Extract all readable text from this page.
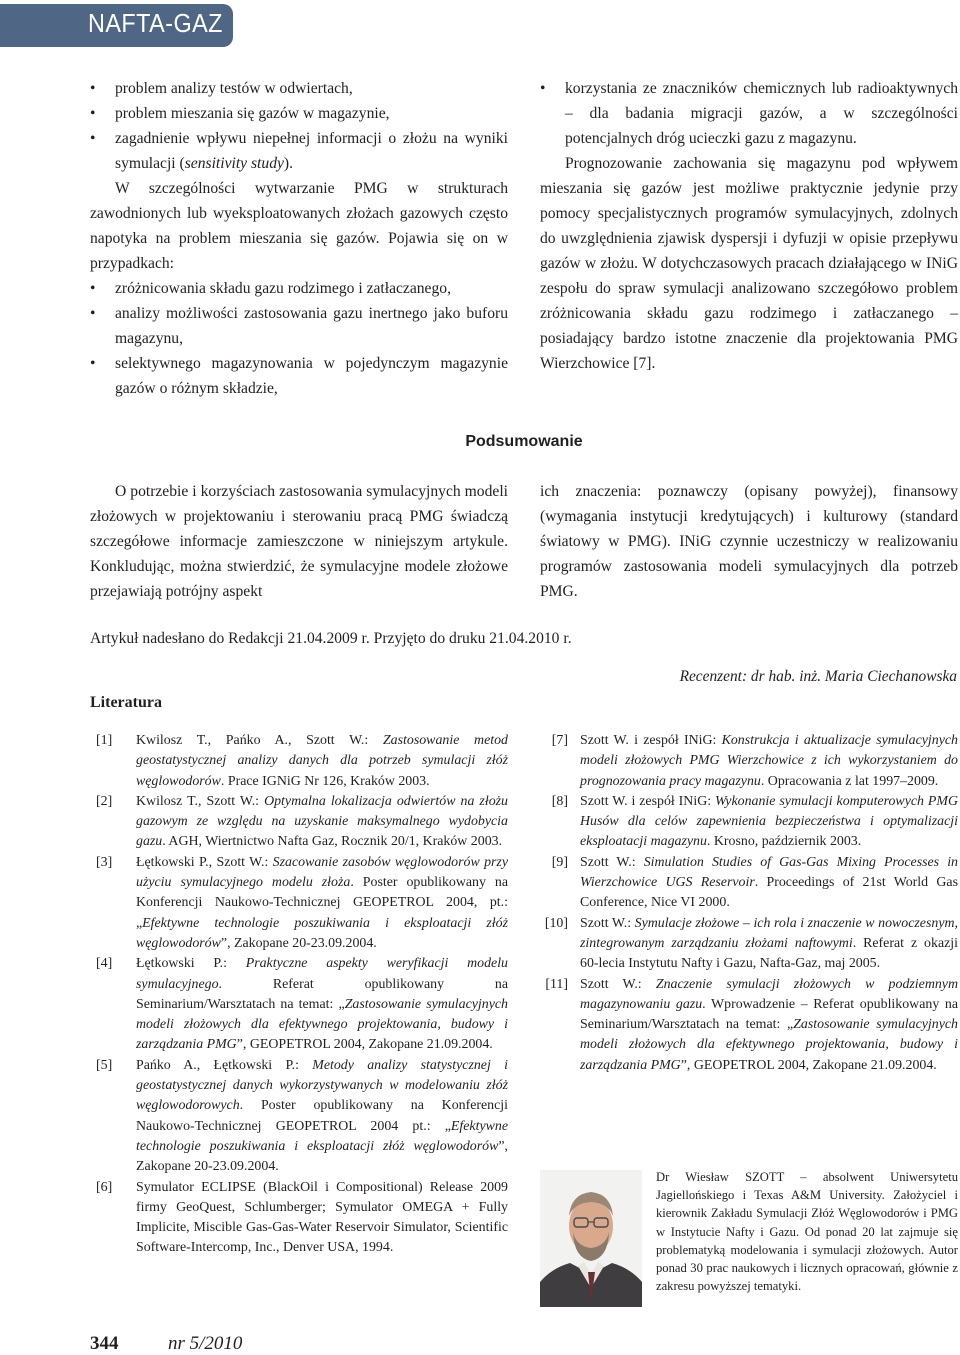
NAFTA-GAZ

• problem analizy testów w odwiertach,

• problem mieszania się gazów w magazynie,

• zagadnienie wpływu niepełnej informacji o złożu na wyniki symulacji (sensitivity study).

W szczególności wytwarzanie PMG w strukturach zawodnionych lub wyeksploatowanych złożach gazowych często napotyka na problem mieszania się gazów. Pojawia się on w przypadkach:

• zróżnicowania składu gazu rodzimego i zatłaczanego,

• analizy możliwości zastosowania gazu inertnego jako buforu magazynu,

• selektywnego magazynowania w pojedynczym magazynie gazów o różnym składzie,

• korzystania ze znaczników chemicznych lub radioaktywnych – dla badania migracji gazów, a w szczególności potencjalnych dróg ucieczki gazu z magazynu.

Prognozowanie zachowania się magazynu pod wpływem mieszania się gazów jest możliwe praktycznie jedynie przy pomocy specjalistycznych programów symulacyjnych, zdolnych do uwzględnienia zjawisk dyspersji i dyfuzji w opisie przepływu gazów w złożu. W dotychczasowych pracach działającego w INiG zespołu do spraw symulacji analizowano szczegółowo problem zróżnicowania składu gazu rodzimego i zatłaczanego – posiadający bardzo istotne znaczenie dla projektowania PMG Wierzchowice [7].

Podsumowanie

O potrzebie i korzyściach zastosowania symulacyjnych modeli złożowych w projektowaniu i sterowaniu pracą PMG świadczą szczegółowe informacje zamieszczone w niniejszym artykule. Konkludując, można stwierdzić, że symulacyjne modele złożowe przejawiają potrójny aspekt

ich znaczenia: poznawczy (opisany powyżej), finansowy (wymagania instytucji kredytujących) i kulturowy (standard światowy w PMG). INiG czynnie uczestniczy w realizowaniu programów zastosowania modeli symulacyjnych dla potrzeb PMG.

Artykuł nadesłano do Redakcji 21.04.2009 r. Przyjęto do druku 21.04.2010 r.
Recenzent: dr hab. inż. Maria Ciechanowska
Literatura
[1]	Kwilosz T., Pańko A., Szott W.: Zastosowanie metod geostatystycznej analizy danych dla potrzeb symulacji złóż węglowodorów. Prace IGNiG Nr 126, Kraków 2003.
[2]	Kwilosz T., Szott W.: Optymalna lokalizacja odwiertów na złożu gazowym ze względu na uzyskanie maksymalnego wydobycia gazu. AGH, Wiertnictwo Nafta Gaz, Rocznik 20/1, Kraków 2003.
[3]	Łętkowski P., Szott W.: Szacowanie zasobów węglowodorów przy użyciu symulacyjnego modelu złoża. Poster opublikowany na Konferencji Naukowo-Technicznej GEOPETROL 2004, pt.: „Efektywne technologie poszukiwania i eksploatacji złóż węglowodorów”, Zakopane 20-23.09.2004.
[4]	Łętkowski P.: Praktyczne aspekty weryfikacji modelu symulacyjnego. Referat opublikowany na Seminarium/Warsztatach na temat: „Zastosowanie symulacyjnych modeli złożowych dla efektywnego projektowania, budowy i zarządzania PMG”, GEOPETROL 2004, Zakopane 21.09.2004.
[5]	Pańko A., Łętkowski P.: Metody analizy statystycznej i geostatystycznej danych wykorzystywanych w modelowaniu złóż węglowodorowych. Poster opublikowany na Konferencji Naukowo-Technicznej GEOPETROL 2004 pt.: „Efektywne technologie poszukiwania i eksploatacji złóż węglowodorów”, Zakopane 20-23.09.2004.
[6]	Symulator ECLIPSE (BlackOil i Compositional) Release 2009 firmy GeoQuest, Schlumberger; Symulator OMEGA + Fully Implicite, Miscible Gas-Gas-Water Reservoir Simulator, Scientific Software-Intercomp, Inc., Denver USA, 1994.
[7] Szott W. i zespół INiG: Konstrukcja i aktualizacje symulacyjnych modeli złożowych PMG Wierzchowice z ich wykorzystaniem do prognozowania pracy magazynu. Opracowania z lat 1997–2009.
[8] Szott W. i zespół INiG: Wykonanie symulacji komputerowych PMG Husów dla celów zapewnienia bezpieczeństwa i optymalizacji eksploatacji magazynu. Krosno, październik 2003.
[9] Szott W.: Simulation Studies of Gas-Gas Mixing Processes in Wierzchowice UGS Reservoir. Proceedings of 21st World Gas Conference, Nice VI 2000.
[10] Szott W.: Symulacje złożowe – ich rola i znaczenie w nowoczesnym, zintegrowanym zarządzaniu złożami naftowymi. Referat z okazji 60-lecia Instytutu Nafty i Gazu, Nafta-Gaz, maj 2005.
[11] Szott W.: Znaczenie symulacji złożowych w podziemnym magazynowaniu gazu. Wprowadzenie – Referat opublikowany na Seminarium/Warsztatach na temat: „Zastosowanie symulacyjnych modeli złożowych dla efektywnego projektowania, budowy i zarządzania PMG”, GEOPETROL 2004, Zakopane 21.09.2004.
Dr Wiesław SZOTT – absolwent Uniwersytetu Jagiellońskiego i Texas A&M University. Założyciel i kierownik Zakładu Symulacji Złóż Węglowodorów i PMG w Instytucie Nafty i Gazu. Od ponad 20 lat zajmuje się problematyką modelowania i symulacji złożowych. Autor ponad 30 prac naukowych i licznych opracowań, głównie z zakresu powyższej tematyki.
344	nr 5/2010
